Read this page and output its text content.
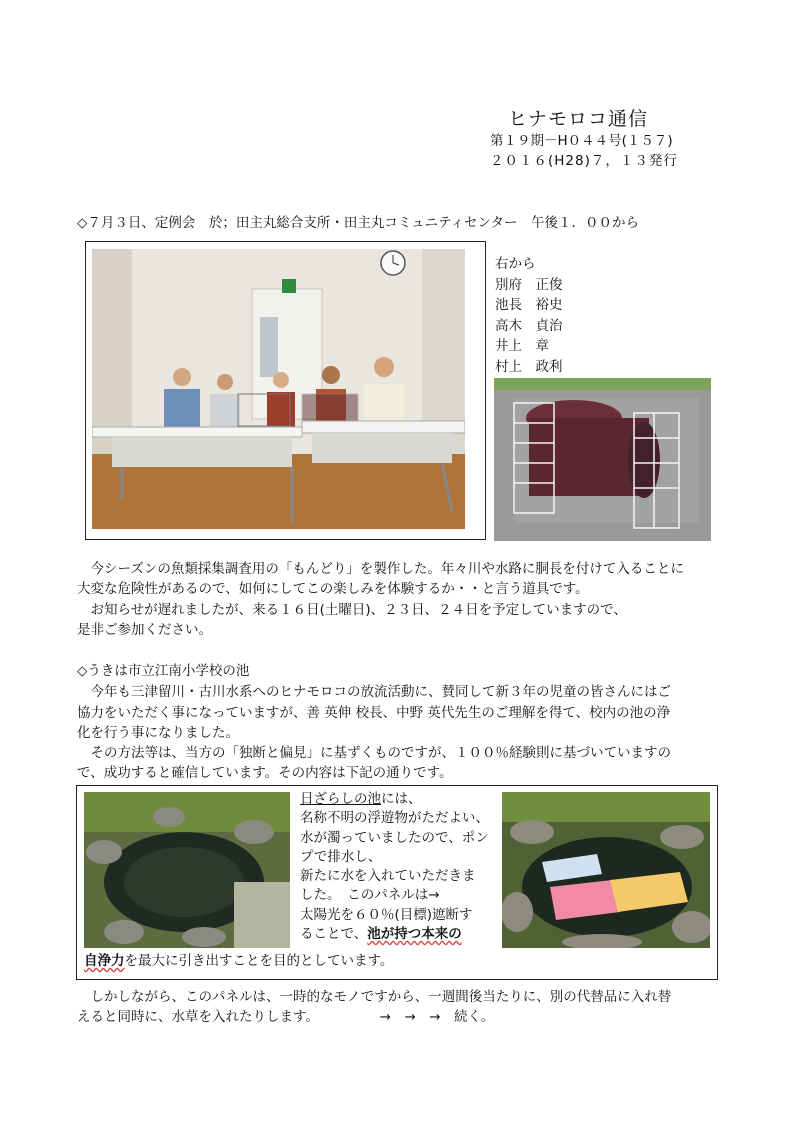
ヒナモロコ通信
第１９期－H０４４号(１５７)
２０１６(H28)７，１３発行
◇７月３日、定例会　於；田主丸総合支所・田主丸コミュニティセンター　午後１．００から
右から
別府　正俊
池長　裕史
高木　貞治
井上　章
村上　政利
　今シーズンの魚類採集調査用の「もんどり」を製作した。年々川や水路に胴長を付けて入ることに
大変な危険性があるので、如何にしてこの楽しみを体験するか・・と言う道具です。
　お知らせが遅れましたが、来る１６日(土曜日)、２３日、２４日を予定していますので、
是非ご参加ください。
◇うきは市立江南小学校の池
　今年も三津留川・古川水系へのヒナモロコの放流活動に、賛同して新３年の児童の皆さんにはご
協力をいただく事になっていますが、善 英伸 校長、中野 英代先生のご理解を得て、校内の池の浄
化を行う事になりました。
　その方法等は、当方の「独断と偏見」に基ずくものですが、１００％経験則に基づいていますの
で、成功すると確信しています。その内容は下記の通りです。
日ざらしの池には、
名称不明の浮遊物がただよい、
水が濁っていましたので、ポン
プで排水し、
新たに水を入れていただきま
した。　このパネルは→
太陽光を６０％(目標)遮断す
ることで、池が持つ本来の
自浄力を最大に引き出すことを目的としています。
　しかしながら、このパネルは、一時的なモノですから、一週間後当たりに、別の代替品に入れ替
えると同時に、水草を入れたりします。　　　　　→　→　→　続く。
